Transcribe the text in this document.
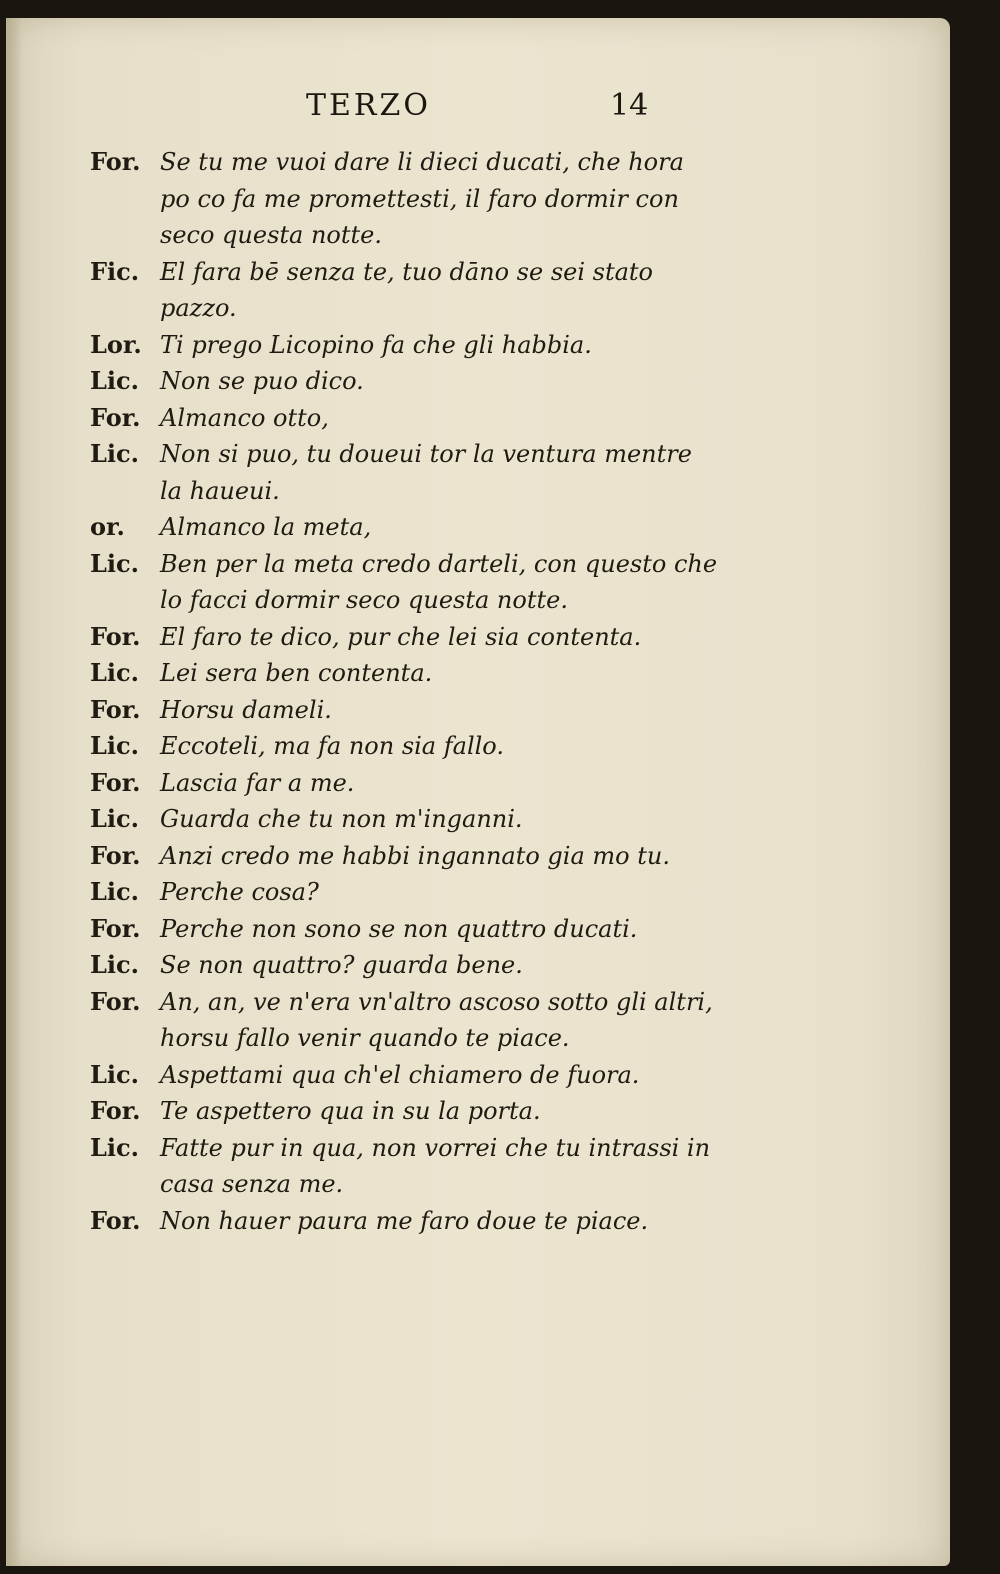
TERZO	14
For. Se tu me vuoi dare li dieci ducati, che hora po co fa me promettesti, il faro dormir con seco questa notte.
Fic. El fara bē senza te, tuo dāno se sei stato pazzo.
Lor. Ti prego Licopino fa che gli habbia.
Lic. Non se puo dico.
For. Almanco otto,
Lic. Non si puo, tu doueui tor la ventura mentre la haueui.
or.	Almanco la meta,
Lic. Ben per la meta credo darteli, con questo che lo facci dormir seco questa notte.
For. El faro te dico, pur che lei sia contenta.
Lic. Lei sera ben contenta.
For. Horsu dameli.
Lic. Eccoteli, ma fa non sia fallo.
For. Lascia far a me.
Lic. Guarda che tu non m'inganni.
For. Anzi credo me habbi ingannato gia mo tu.
Lic. Perche cosa?
For. Perche non sono se non quattro ducati.
Lic. Se non quattro? guarda bene.
For. An, an, ve n'era vn'altro ascoso sotto gli altri, horsu fallo venir quando te piace.
Lic. Aspettami qua ch'el chiamero de fuora.
For. Te aspettero qua in su la porta.
Lic. Fatte pur in qua, non vorrei che tu intrassi in casa senza me.
For. Non hauer paura me faro doue te piace.
